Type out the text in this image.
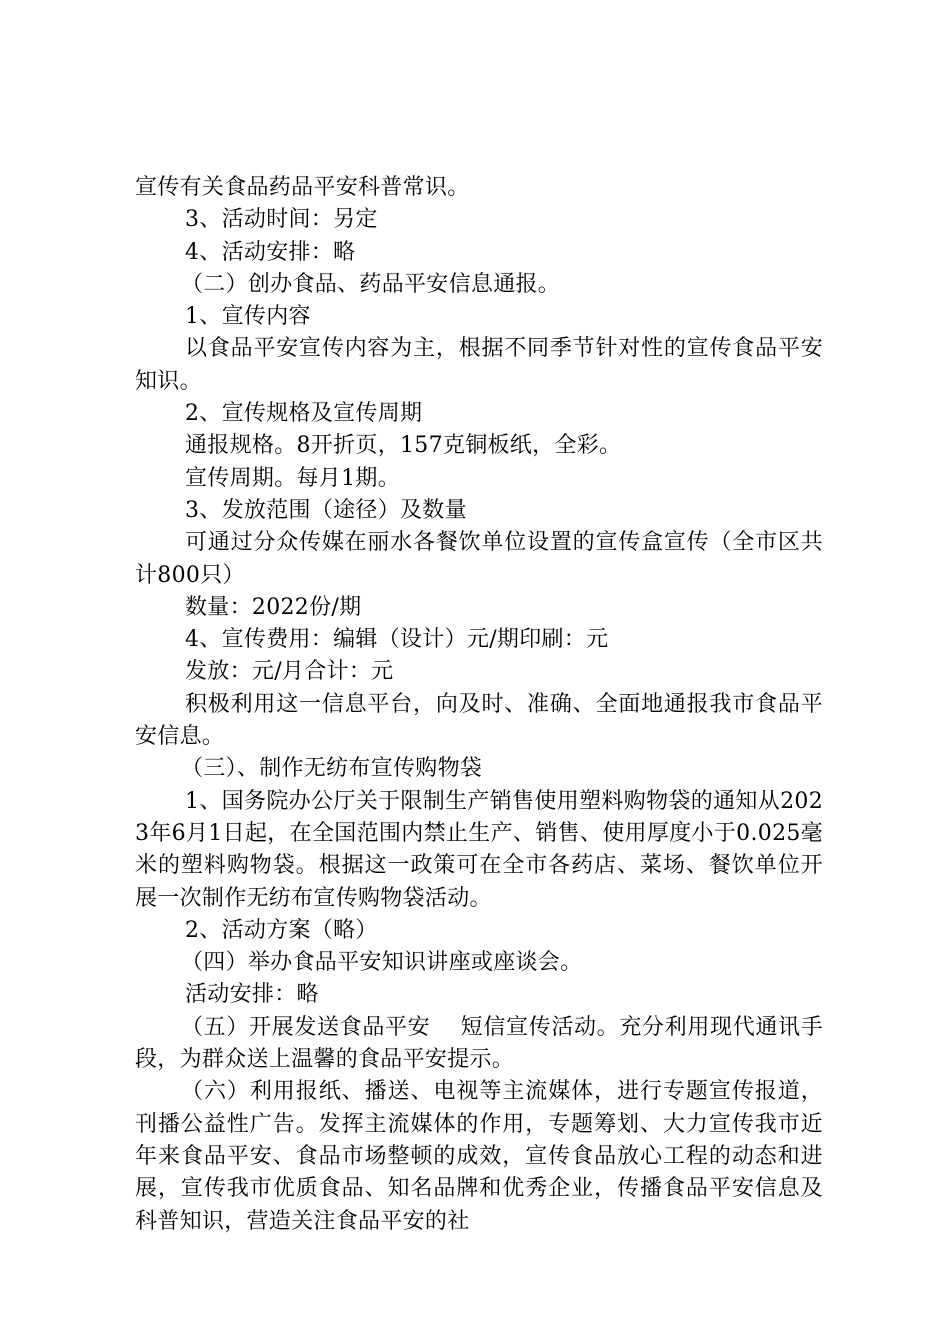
宣传有关食品药品平安科普常识。

3、活动时间：另定

4、活动安排：略

（二）创办食品、药品平安信息通报。

1、宣传内容

以食品平安宣传内容为主，根据不同季节针对性的宣传食品平安知识。

2、宣传规格及宣传周期

通报规格。8开折页，157克铜板纸，全彩。

宣传周期。每月1期。

3、发放范围（途径）及数量

可通过分众传媒在丽水各餐饮单位设置的宣传盒宣传（全市区共计800只）

数量：2022份/期

4、宣传费用：编辑（设计）元/期印刷：元

发放：元/月合计：元

积极利用这一信息平台，向及时、准确、全面地通报我市食品平安信息。

（三）、制作无纺布宣传购物袋

1、国务院办公厅关于限制生产销售使用塑料购物袋的通知从2023年6月1日起，在全国范围内禁止生产、销售、使用厚度小于0.025毫米的塑料购物袋。根据这一政策可在全市各药店、菜场、餐饮单位开展一次制作无纺布宣传购物袋活动。

2、活动方案（略）

（四）举办食品平安知识讲座或座谈会。

活动安排：略

（五）开展发送食品平安　 短信宣传活动。充分利用现代通讯手段，为群众送上温馨的食品平安提示。

（六）利用报纸、播送、电视等主流媒体，进行专题宣传报道，刊播公益性广告。发挥主流媒体的作用，专题筹划、大力宣传我市近年来食品平安、食品市场整顿的成效，宣传食品放心工程的动态和进展，宣传我市优质食品、知名品牌和优秀企业，传播食品平安信息及科普知识，营造关注食品平安的社
